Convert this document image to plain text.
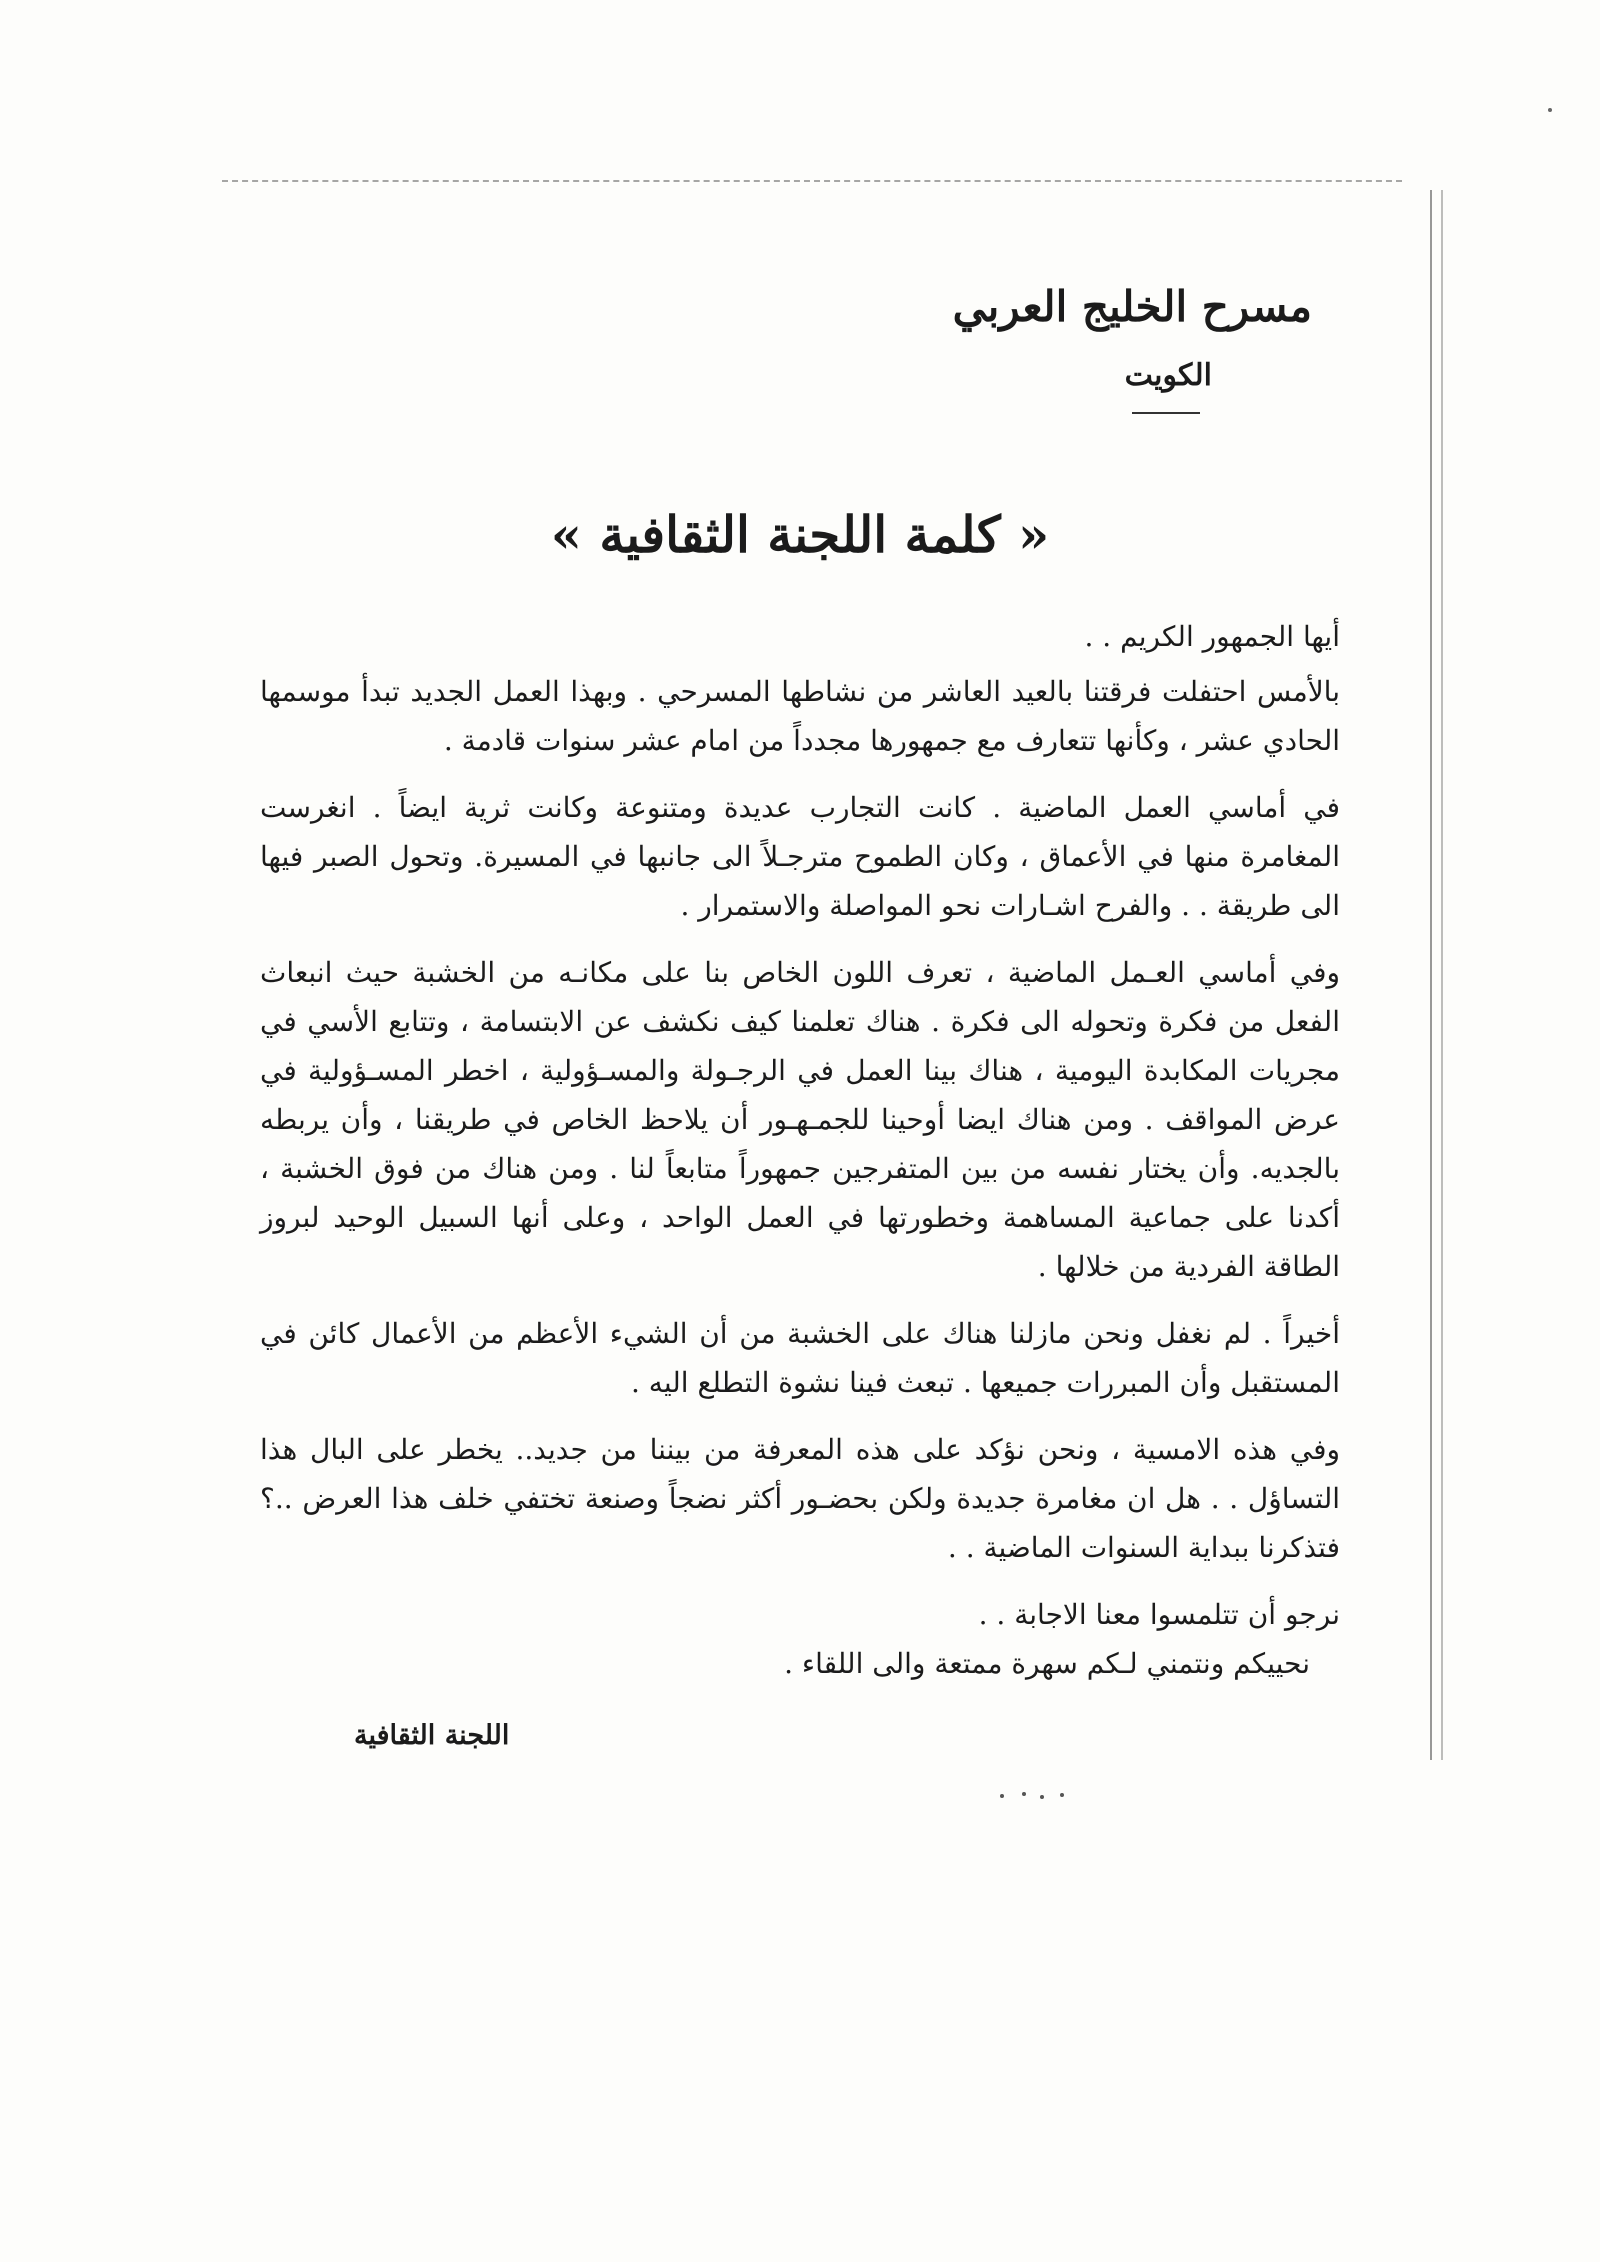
مسرح الخليج العربي
الكويت
« كلمة اللجنة الثقافية »

أيها الجمهور الكريم . .

بالأمس احتفلت فرقتنا بالعيد العاشر من نشاطها المسرحي . وبهذا العمل الجديد تبدأ موسمها الحادي عشر ، وكأنها تتعارف مع جمهورها مجدداً من امام عشر سنوات قادمة .

في أماسي العمل الماضية . كانت التجارب عديدة ومتنوعة وكانت ثرية ايضاً . انغرست المغامرة منها في الأعماق ، وكان الطموح مترجـلاً الى جانبها في المسيرة. وتحول الصبر فيها الى طريقة . . والفرح اشـارات نحو المواصلة والاستمرار .

وفي أماسي العـمل الماضية ، تعرف اللون الخاص بنا على مكانـه من الخشبة حيث انبعاث الفعل من فكرة وتحوله الى فكرة . هناك تعلمنا كيف نكشف عن الابتسامة ، وتتابع الأسي في مجريات المكابدة اليومية ، هناك بينا العمل في الرجـولة والمسـؤولية ، اخطر المسـؤولية في عرض المواقف . ومن هناك ايضا أوحينا للجمـهـور أن يلاحظ الخاص في طريقنا ، وأن يربطه بالجديه. وأن يختار نفسه من بين المتفرجين جمهوراً متابعاً لنا . ومن هناك من فوق الخشبة ، أكدنا على جماعية المساهمة وخطورتها في العمل الواحد ، وعلى أنها السبيل الوحيد لبروز الطاقة الفردية من خلالها .

أخيراً . لم نغفل ونحن مازلنا هناك على الخشبة من أن الشيء الأعظم من الأعمال كائن في المستقبل وأن المبررات جميعها . تبعث فينا نشوة التطلع اليه .

وفي هذه الامسية ، ونحن نؤكد على هذه المعرفة من بيننا من جديد.. يخطر على البال هذا التساؤل . . هل ان مغامرة جديدة ولكن بحضـور أكثر نضجاً وصنعة تختفي خلف هذا العرض ..؟ فتذكرنا ببداية السنوات الماضية . .

نرجو أن تتلمسوا معنا الاجابة . .

نحييكم ونتمني لـكم سهرة ممتعة والى اللقاء .

اللجنة الثقافية
